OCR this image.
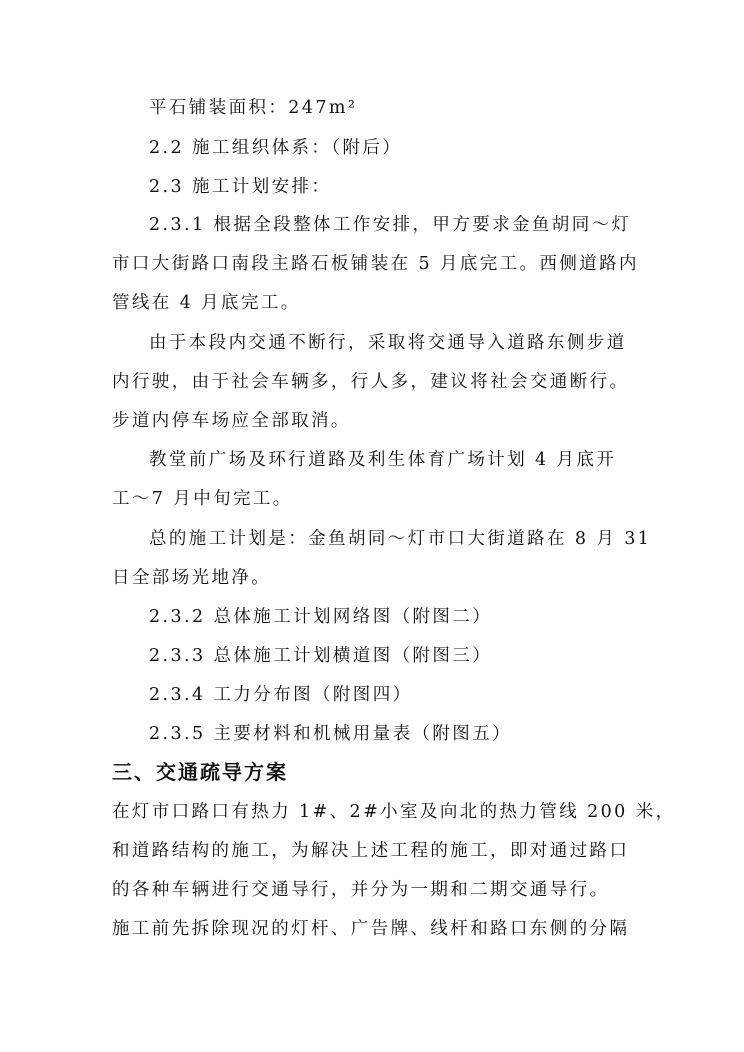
平石铺装面积：247m²
2.2 施工组织体系：（附后）
2.3 施工计划安排：
2.3.1 根据全段整体工作安排，甲方要求金鱼胡同～灯
市口大街路口南段主路石板铺装在 5 月底完工。西侧道路内
管线在 4 月底完工。
由于本段内交通不断行，采取将交通导入道路东侧步道
内行驶，由于社会车辆多，行人多，建议将社会交通断行。
步道内停车场应全部取消。
教堂前广场及环行道路及利生体育广场计划 4 月底开
工～7 月中旬完工。
总的施工计划是：金鱼胡同～灯市口大街道路在 8 月 31
日全部场光地净。
2.3.2 总体施工计划网络图（附图二）
2.3.3 总体施工计划横道图（附图三）
2.3.4 工力分布图（附图四）
2.3.5 主要材料和机械用量表（附图五）
三、交通疏导方案
在灯市口路口有热力 1#、2#小室及向北的热力管线 200 米，
和道路结构的施工，为解决上述工程的施工，即对通过路口
的各种车辆进行交通导行，并分为一期和二期交通导行。
施工前先拆除现况的灯杆、广告牌、线杆和路口东侧的分隔
